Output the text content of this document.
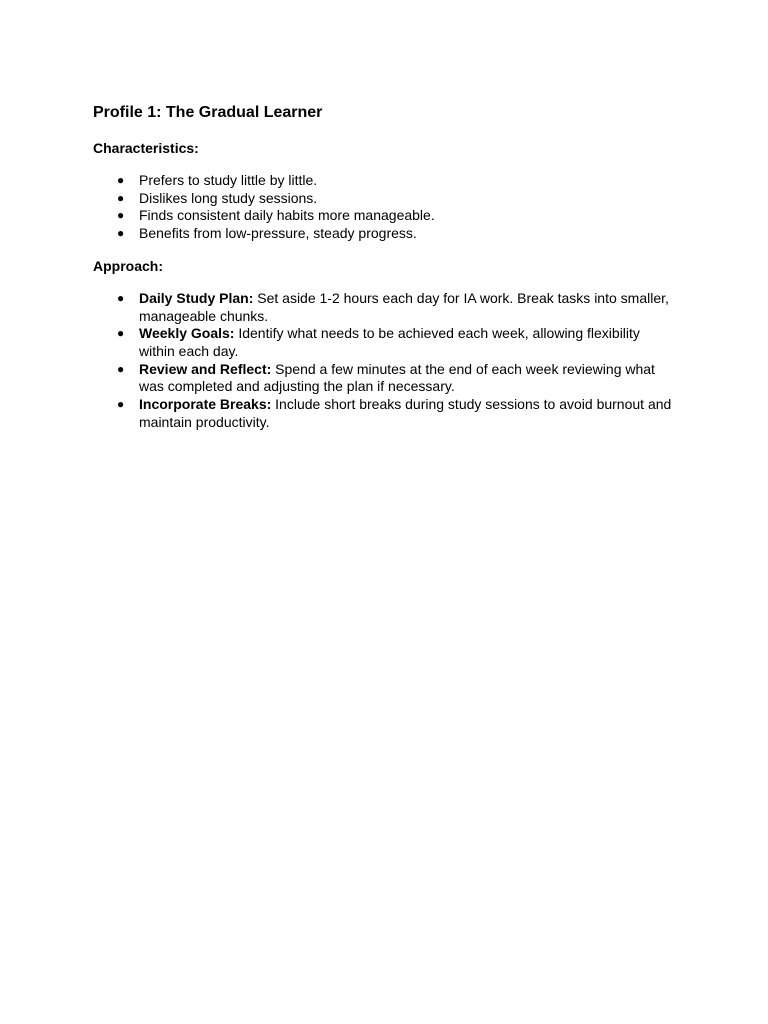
Profile 1: The Gradual Learner
Characteristics:
● Prefers to study little by little.
● Dislikes long study sessions.
● Finds consistent daily habits more manageable.
● Benefits from low-pressure, steady progress.
Approach:
● Daily Study Plan: Set aside 1-2 hours each day for IA work. Break tasks into smaller, manageable chunks.
● Weekly Goals: Identify what needs to be achieved each week, allowing flexibility within each day.
● Review and Reflect: Spend a few minutes at the end of each week reviewing what was completed and adjusting the plan if necessary.
● Incorporate Breaks: Include short breaks during study sessions to avoid burnout and maintain productivity.
